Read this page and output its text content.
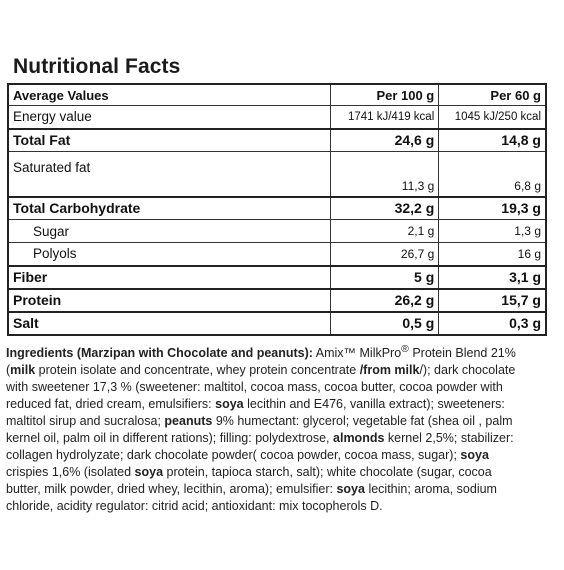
Nutritional Facts
Average Values	Per 100 g	Per 60 g
Energy value	1741 kJ/419 kcal	1045 kJ/250 kcal
Total Fat	24,6 g	14,8 g
Saturated fat	11,3 g	6,8 g
Total Carbohydrate	32,2 g	19,3 g
Sugar	2,1 g	1,3 g
Polyols	26,7 g	16 g
Fiber	5 g	3,1 g
Protein	26,2 g	15,7 g
Salt	0,5 g	0,3 g
Ingredients (Marzipan with Chocolate and peanuts): Amix™ MilkPro® Protein Blend 21% (milk protein isolate and concentrate, whey protein concentrate /from milk/); dark chocolate with sweetener 17,3 % (sweetener: maltitol, cocoa mass, cocoa butter, cocoa powder with reduced fat, dried cream, emulsifiers: soya lecithin and E476, vanilla extract); sweeteners: maltitol sirup and sucralosa; peanuts 9% humectant: glycerol; vegetable fat (shea oil , palm kernel oil, palm oil in different rations); filling: polydextrose, almonds kernel 2,5%; stabilizer: collagen hydrolyzate; dark chocolate powder( cocoa powder, cocoa mass, sugar); soya crispies 1,6% (isolated soya protein, tapioca starch, salt); white chocolate (sugar, cocoa butter, milk powder, dried whey, lecithin, aroma); emulsifier: soya lecithin; aroma, sodium chloride, acidity regulator: citrid acid; antioxidant: mix tocopherols D.
